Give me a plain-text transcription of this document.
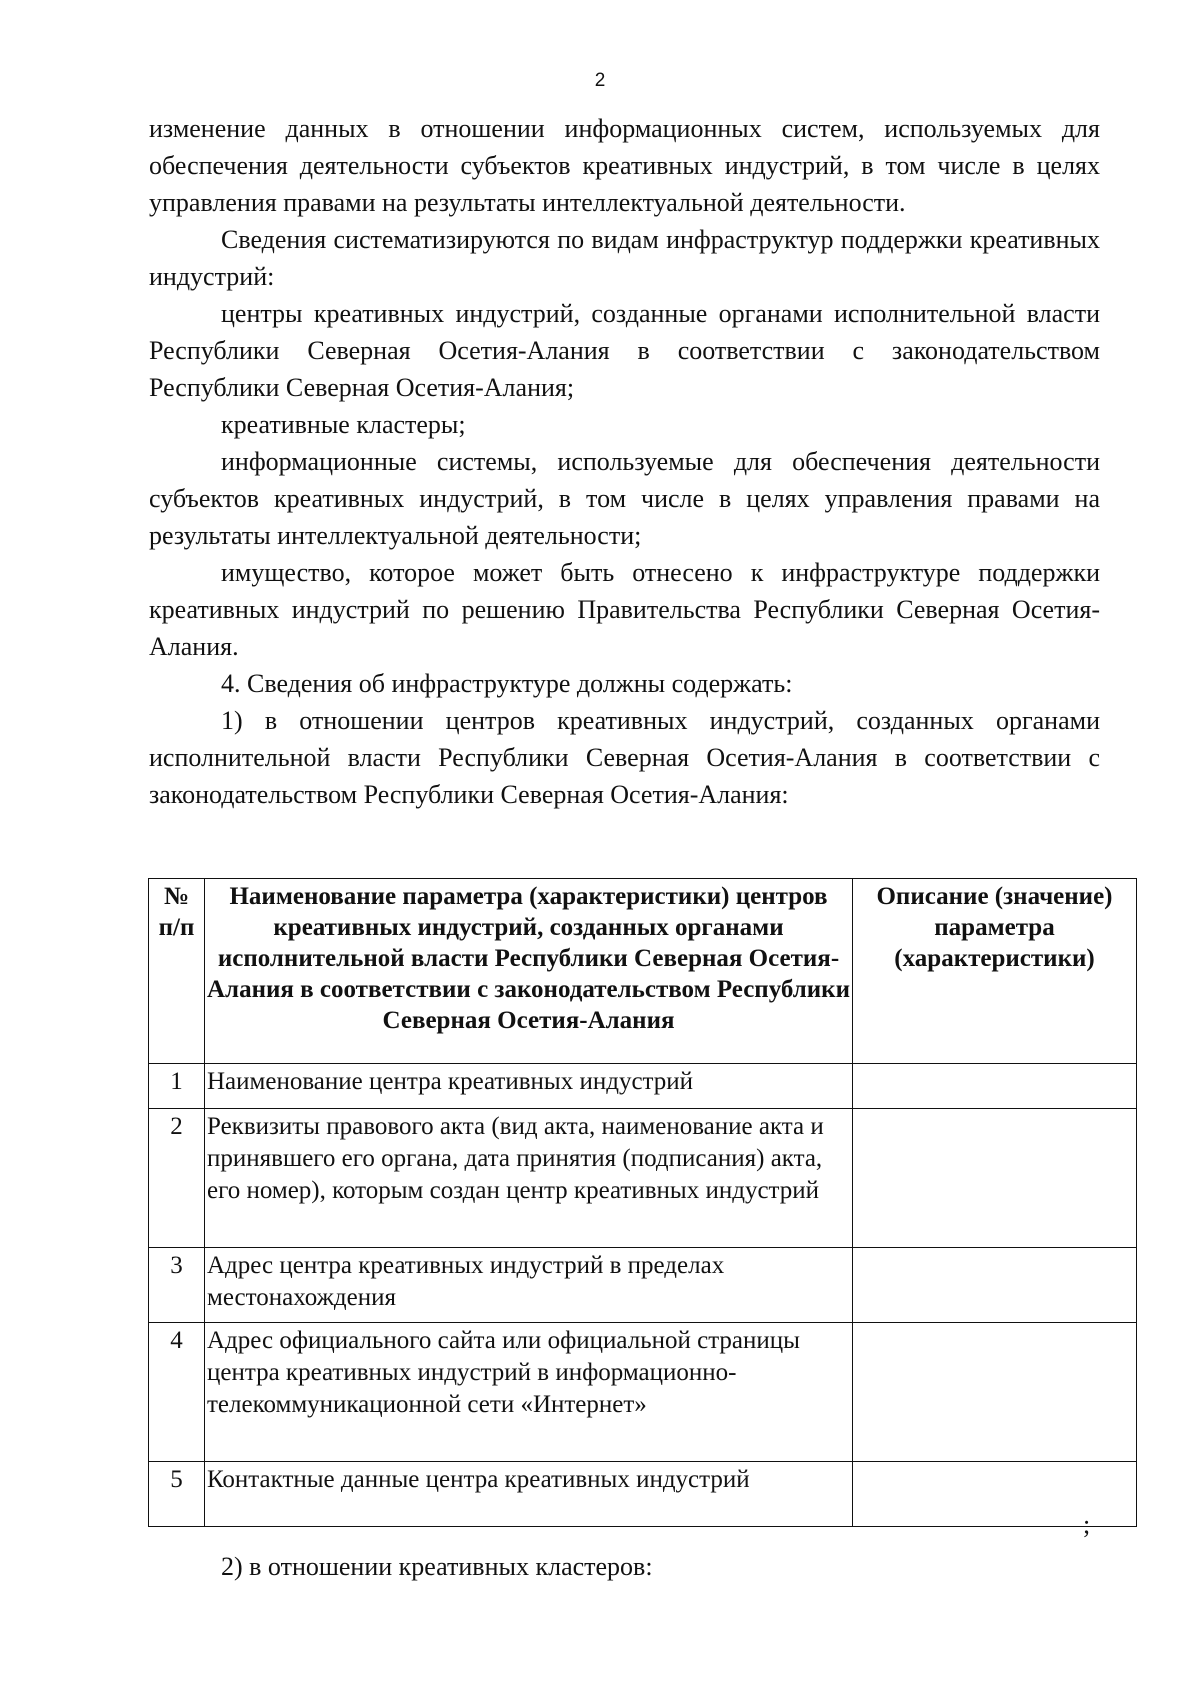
2

изменение данных в отношении информационных систем, используемых для обеспечения деятельности субъектов креативных индустрий, в том числе в целях управления правами на результаты интеллектуальной деятельности.

Сведения систематизируются по видам инфраструктур поддержки креативных индустрий:

центры креативных индустрий, созданные органами исполнительной власти Республики Северная Осетия-Алания в соответствии с законодательством Республики Северная Осетия-Алания;

креативные кластеры;

информационные системы, используемые для обеспечения деятельности субъектов креативных индустрий, в том числе в целях управления правами на результаты интеллектуальной деятельности;

имущество, которое может быть отнесено к инфраструктуре поддержки креативных индустрий по решению Правительства Республики Северная Осетия-Алания.

4. Сведения об инфраструктуре должны содержать:

1) в отношении центров креативных индустрий, созданных органами исполнительной власти Республики Северная Осетия-Алания в соответствии с законодательством Республики Северная Осетия-Алания:

№ п/п	Наименование параметра (характеристики) центров креативных индустрий, созданных органами исполнительной власти Республики Северная Осетия-Алания в соответствии с законодательством Республики Северная Осетия-Алания	Описание (значение) параметра (характеристики)
1	Наименование центра креативных индустрий	
2	Реквизиты правового акта (вид акта, наименование акта и принявшего его органа, дата принятия (подписания) акта, его номер), которым создан центр креативных индустрий	
3	Адрес центра креативных индустрий в пределах местонахождения	
4	Адрес официального сайта или официальной страницы центра креативных индустрий в информационно-телекоммуникационной сети «Интернет»	
5	Контактные данные центра креативных индустрий	
;
2) в отношении креативных кластеров:
